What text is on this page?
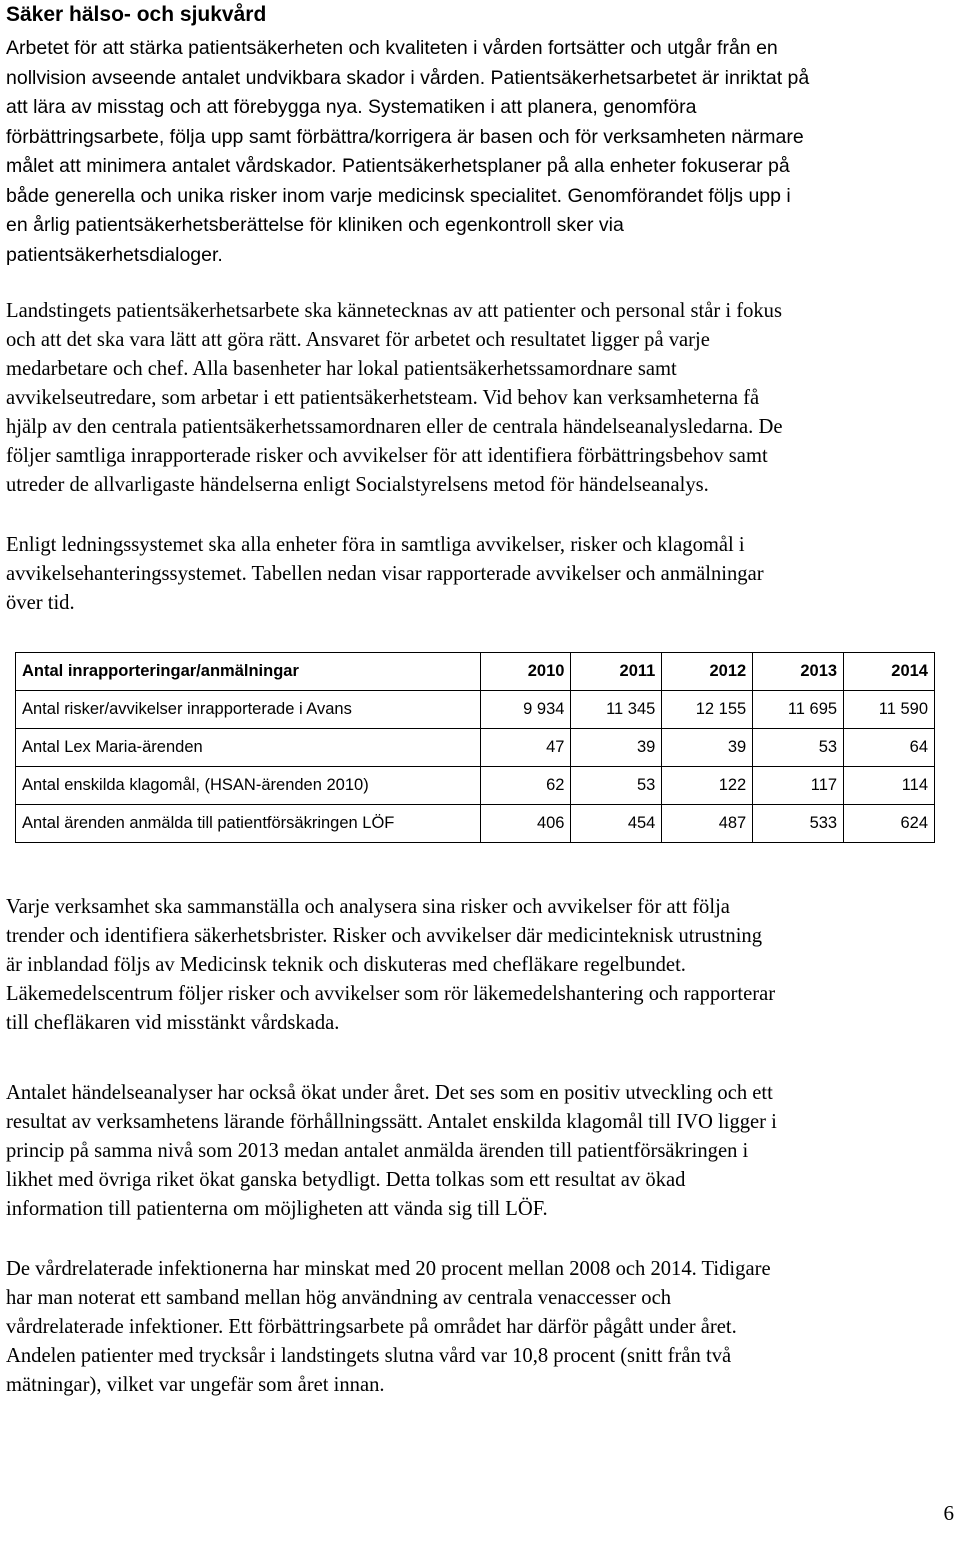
Säker hälso- och sjukvård
Arbetet för att stärka patientsäkerheten och kvaliteten i vården fortsätter och utgår från en
nollvision avseende antalet undvikbara skador i vården. Patientsäkerhetsarbetet är inriktat på
att lära av misstag och att förebygga nya. Systematiken i att planera, genomföra
förbättringsarbete, följa upp samt förbättra/korrigera är basen och för verksamheten närmare
målet att minimera antalet vårdskador. Patientsäkerhetsplaner på alla enheter fokuserar på
både generella och unika risker inom varje medicinsk specialitet. Genomförandet följs upp i
en årlig patientsäkerhetsberättelse för kliniken och egenkontroll sker via
patientsäkerhetsdialoger.
Landstingets patientsäkerhetsarbete ska kännetecknas av att patienter och personal står i fokus
och att det ska vara lätt att göra rätt. Ansvaret för arbetet och resultatet ligger på varje
medarbetare och chef. Alla basenheter har lokal patientsäkerhetssamordnare samt
avvikelseutredare, som arbetar i ett patientsäkerhetsteam. Vid behov kan verksamheterna få
hjälp av den centrala patientsäkerhetssamordnaren eller de centrala händelseanalysledarna. De
följer samtliga inrapporterade risker och avvikelser för att identifiera förbättringsbehov samt
utreder de allvarligaste händelserna enligt Socialstyrelsens metod för händelseanalys.
Enligt ledningssystemet ska alla enheter föra in samtliga avvikelser, risker och klagomål i
avvikelsehanteringssystemet. Tabellen nedan visar rapporterade avvikelser och anmälningar
över tid.
Varje verksamhet ska sammanställa och analysera sina risker och avvikelser för att följa
trender och identifiera säkerhetsbrister. Risker och avvikelser där medicinteknisk utrustning
är inblandad följs av Medicinsk teknik och diskuteras med chefläkare regelbundet.
Läkemedelscentrum följer risker och avvikelser som rör läkemedelshantering och rapporterar
till chefläkaren vid misstänkt vårdskada.
Antalet händelseanalyser har också ökat under året. Det ses som en positiv utveckling och ett
resultat av verksamhetens lärande förhållningssätt. Antalet enskilda klagomål till IVO ligger i
princip på samma nivå som 2013 medan antalet anmälda ärenden till patientförsäkringen i
likhet med övriga riket ökat ganska betydligt. Detta tolkas som ett resultat av ökad
information till patienterna om möjligheten att vända sig till LÖF.
De vårdrelaterade infektionerna har minskat med 20 procent mellan 2008 och 2014. Tidigare
har man noterat ett samband mellan hög användning av centrala venaccesser och
vårdrelaterade infektioner. Ett förbättringsarbete på området har därför pågått under året.
Andelen patienter med trycksår i landstingets slutna vård var 10,8 procent (snitt från två
mätningar), vilket var ungefär som året innan.
Antal inrapporteringar/anmälningar	2010	2011	2012	2013	2014
Antal risker/avvikelser inrapporterade i Avans	9 934	11 345	12 155	11 695	11 590
Antal Lex Maria-ärenden	47	39	39	53	64
Antal enskilda klagomål, (HSAN-ärenden 2010)	62	53	122	117	114
Antal ärenden anmälda till patientförsäkringen LÖF	406	454	487	533	624
6
